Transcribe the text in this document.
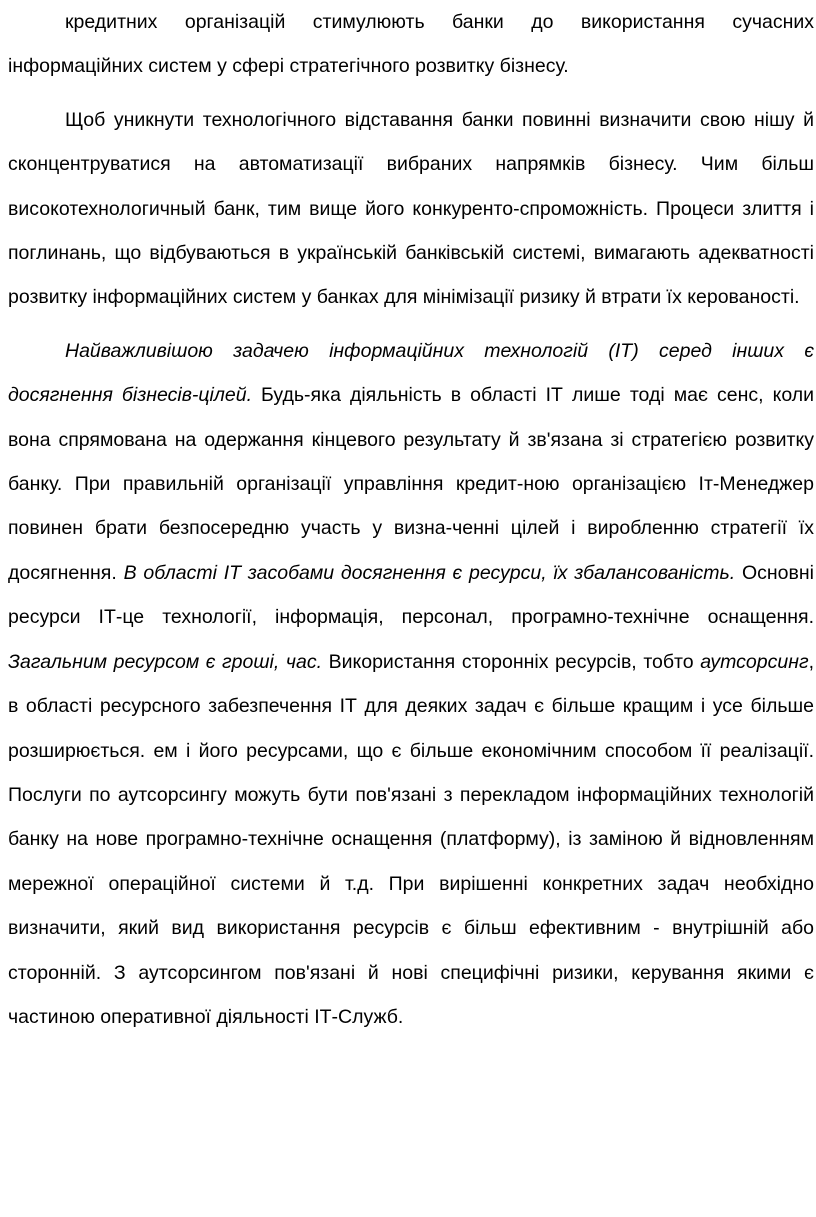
кредитних організацій стимулюють банки до використання сучасних інформаційних систем у сфері стратегічного розвитку бізнесу.

Щоб уникнути технологічного відставання банки повинні визначити свою нішу й сконцентруватися на автоматизації вибраних напрямків бізнесу. Чим більш високотехнологичный банк, тим вище його конкуренто-спроможність. Процеси злиття і поглинань, що відбуваються в українській банківській системі, вимагають адекватності розвитку інформаційних систем у банках для мінімізації ризику й втрати їх керованості.

Найважливішою задачею інформаційних технологій (ІТ) серед інших є досягнення бізнесів-цілей. Будь-яка діяльність в області ІТ лише тоді має сенс, коли вона спрямована на одержання кінцевого результату й зв'язана зі стратегією розвитку банку. При правильній організації управління кредит-ною організацією Іт-Менеджер повинен брати безпосередню участь у визна-ченні цілей і виробленню стратегії їх досягнення. В області ІТ засобами досягнення є ресурси, їх збалансованість. Основні ресурси ІТ-це технології, інформація, персонал, програмно-технічне оснащення. Загальним ресурсом є гроші, час. Використання сторонніх ресурсів, тобто аутсорсинг, в області ресурсного забезпечення ІТ для деяких задач є більше кращим і усе більше розширюється. ем і його ресурсами, що є більше економічним способом її реалізації. Послуги по аутсорсингу можуть бути пов'язані з перекладом інформаційних технологій банку на нове програмно-технічне оснащення (платформу), із заміною й відновленням мережної операційної системи й т.д. При вирішенні конкретних задач необхідно визначити, який вид використання ресурсів є більш ефективним - внутрішній або сторонній. З аутсорсингом пов'язані й нові специфічні ризики, керування якими є частиною оперативної діяльності ІТ-Служб.
